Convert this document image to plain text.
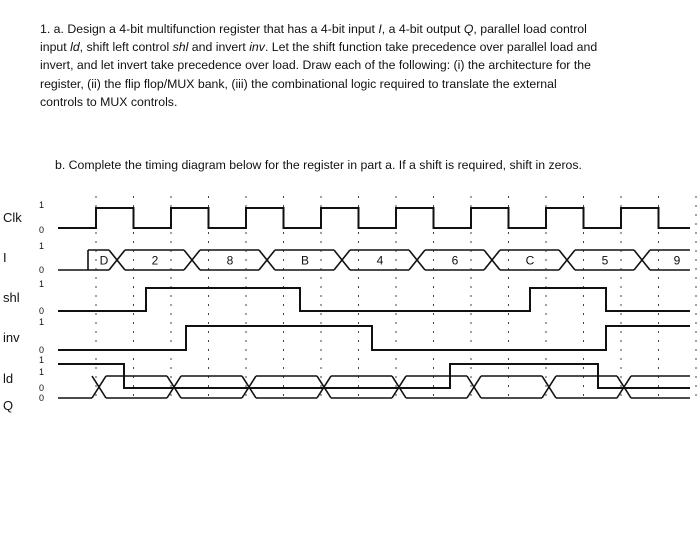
1. a. Design a 4-bit multifunction register that has a 4-bit input I, a 4-bit output Q, parallel load control

input ld, shift left control shl and invert inv. Let the shift function take precedence over parallel load and

invert, and let invert take precedence over load. Draw each of the following: (i) the architecture for the

register, (ii) the flip flop/MUX bank, (iii) the combinational logic required to translate the external

controls to MUX controls.

b. Complete the timing diagram below for the register in part a. If a shift is required, shift in zeros.
Clk
1
0
I
1
0
shl
1
0
inv
1
0
ld
1
0
Q
1
0
D	2	8	B	4	6	C	5	9
